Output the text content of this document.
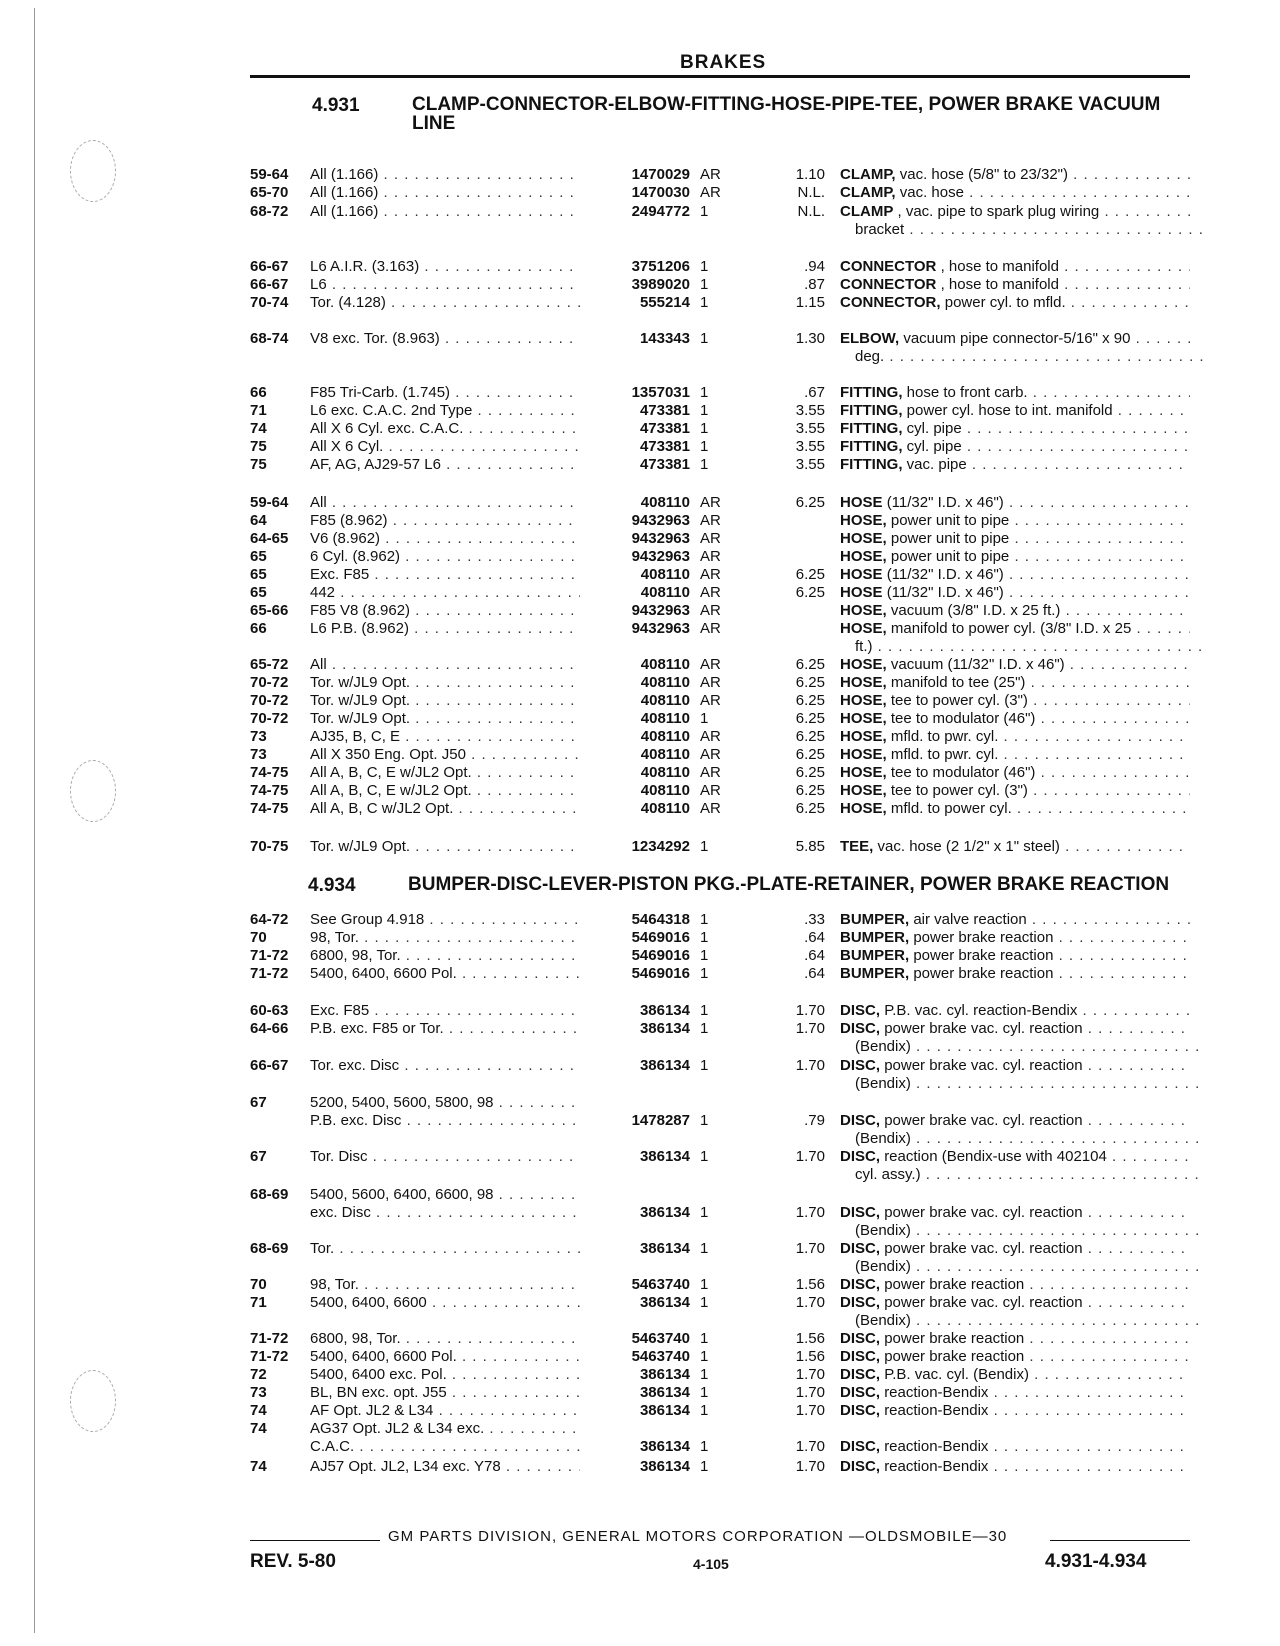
BRAKES
4.931	CLAMP-CONNECTOR-ELBOW-FITTING-HOSE-PIPE-TEE, POWER BRAKE VACUUM LINE
4.934	BUMPER-DISC-LEVER-PISTON PKG.-PLATE-RETAINER, POWER BRAKE REACTION
59-64	All (1.166) . . .	1470029 AR	1.10 CLAMP, vac. hose (5/8" to 23/32") . . .
65-70	All (1.166) . . .	1470030 AR	N.L. CLAMP, vac. hose . . .
68-72	All (1.166) . . .	2494772 1	N.L. CLAMP , vac. pipe to spark plug wiring . . .
bracket . . .
66-67	L6 A.I.R. (3.163) . . .	3751206 1	.94 CONNECTOR , hose to manifold . . .
66-67	L6 . . .	3989020 1	.87 CONNECTOR , hose to manifold . . .
70-74	Tor. (4.128) . . .	555214 1	1.15 CONNECTOR, power cyl. to mfld. . . .
68-74	V8 exc. Tor. (8.963) . . .	143343 1	1.30 ELBOW, vacuum pipe connector-5/16" x 90 . . .
deg. . . .
66	F85 Tri-Carb. (1.745) . . .	1357031 1	.67 FITTING, hose to front carb. . . .
71	L6 exc. C.A.C. 2nd Type . . .	473381 1	3.55 FITTING, power cyl. hose to int. manifold . . .
74	All X 6 Cyl. exc. C.A.C. . . .	473381 1	3.55 FITTING, cyl. pipe . . .
75	All X 6 Cyl. . . .	473381 1	3.55 FITTING, cyl. pipe . . .
75	AF, AG, AJ29-57 L6 . . .	473381 1	3.55 FITTING, vac. pipe . . .
59-64	All . . .	408110 AR	6.25 HOSE (11/32" I.D. x 46") . . .
64	F85 (8.962) . . .	9432963 AR	HOSE, power unit to pipe . . .
64-65	V6 (8.962) . . .	9432963 AR	HOSE, power unit to pipe . . .
65	6 Cyl. (8.962) . . .	9432963 AR	HOSE, power unit to pipe . . .
65	Exc. F85 . . .	408110 AR	6.25 HOSE (11/32" I.D. x 46") . . .
65	442 . . .	408110 AR	6.25 HOSE (11/32" I.D. x 46") . . .
65-66	F85 V8 (8.962) . . .	9432963 AR	HOSE, vacuum (3/8" I.D. x 25 ft.) . . .
66	L6 P.B. (8.962) . . .	9432963 AR	HOSE, manifold to power cyl. (3/8" I.D. x 25 . . .
ft.) . . .
65-72	All . . .	408110 AR	6.25 HOSE, vacuum (11/32" I.D. x 46") . . .
70-72	Tor. w/JL9 Opt. . . .	408110 AR	6.25 HOSE, manifold to tee (25") . . .
70-72	Tor. w/JL9 Opt. . . .	408110 AR	6.25 HOSE, tee to power cyl. (3") . . .
70-72	Tor. w/JL9 Opt. . . .	408110 1	6.25 HOSE, tee to modulator (46") . . .
73	AJ35, B, C, E . . .	408110 AR	6.25 HOSE, mfld. to pwr. cyl. . . .
73	All X 350 Eng. Opt. J50 . . .	408110 AR	6.25 HOSE, mfld. to pwr. cyl. . . .
74-75	All A, B, C, E w/JL2 Opt. . . .	408110 AR	6.25 HOSE, tee to modulator (46") . . .
74-75	All A, B, C, E w/JL2 Opt. . . .	408110 AR	6.25 HOSE, tee to power cyl. (3") . . .
74-75	All A, B, C w/JL2 Opt. . . .	408110 AR	6.25 HOSE, mfld. to power cyl. . . .
70-75	Tor. w/JL9 Opt. . . .	1234292 1	5.85 TEE, vac. hose (2 1/2" x 1" steel) . . .
64-72	See Group 4.918 . . .	5464318 1	.33 BUMPER, air valve reaction . . .
70	98, Tor. . . .	5469016 1	.64 BUMPER, power brake reaction . . .
71-72	6800, 98, Tor. . . .	5469016 1	.64 BUMPER, power brake reaction . . .
71-72	5400, 6400, 6600 Pol. . . .	5469016 1	.64 BUMPER, power brake reaction . . .
60-63	Exc. F85 . . .	386134 1	1.70 DISC, P.B. vac. cyl. reaction-Bendix . . .
64-66	P.B. exc. F85 or Tor. . . .	386134 1	1.70 DISC, power brake vac. cyl. reaction . . .
(Bendix) . . .
66-67	Tor. exc. Disc . . .	386134 1	1.70 DISC, power brake vac. cyl. reaction . . .
(Bendix) . . .
67	5200, 5400, 5600, 5800, 98 . . .
P.B. exc. Disc . . .	1478287 1	.79 DISC, power brake vac. cyl. reaction . . .
(Bendix) . . .
67	Tor. Disc . . .	386134 1	1.70 DISC, reaction (Bendix-use with 402104 . . .
cyl. assy.) . . .
68-69	5400, 5600, 6400, 6600, 98 . . .
exc. Disc . . .	386134 1	1.70 DISC, power brake vac. cyl. reaction . . .
(Bendix) . . .
68-69	Tor. . . .	386134 1	1.70 DISC, power brake vac. cyl. reaction . . .
(Bendix) . . .
70	98, Tor. . . .	5463740 1	1.56 DISC, power brake reaction . . .
71	5400, 6400, 6600 . . .	386134 1	1.70 DISC, power brake vac. cyl. reaction . . .
(Bendix) . . .
71-72	6800, 98, Tor. . . .	5463740 1	1.56 DISC, power brake reaction . . .
71-72	5400, 6400, 6600 Pol. . . .	5463740 1	1.56 DISC, power brake reaction . . .
72	5400, 6400 exc. Pol. . . .	386134 1	1.70 DISC, P.B. vac. cyl. (Bendix) . . .
73	BL, BN exc. opt. J55 . . .	386134 1	1.70 DISC, reaction-Bendix . . .
74	AF Opt. JL2 & L34 . . .	386134 1	1.70 DISC, reaction-Bendix . . .
74	AG37 Opt. JL2 & L34 exc. . . .
C.A.C. . . .	386134 1	1.70 DISC, reaction-Bendix . . .
74	AJ57 Opt. JL2, L34 exc. Y78 . . .	386134 1	1.70 DISC, reaction-Bendix . . .
GM PARTS DIVISION, GENERAL MOTORS CORPORATION —OLDSMOBILE—30
REV. 5-80	4-105	4.931-4.934
